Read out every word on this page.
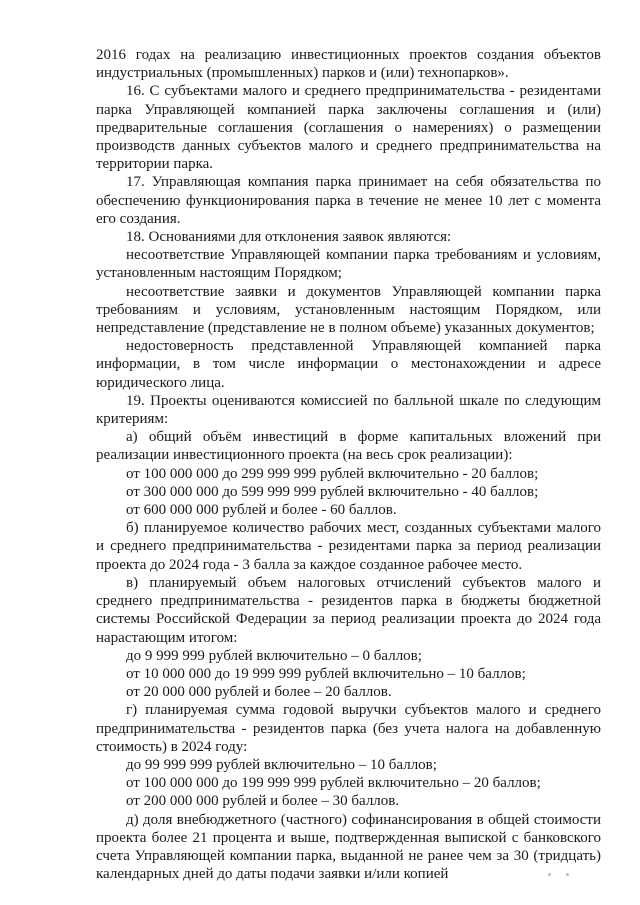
2016 годах на реализацию инвестиционных проектов создания объектов индустриальных (промышленных) парков и (или) технопарков».

16. С субъектами малого и среднего предпринимательства - резидентами парка Управляющей компанией парка заключены соглашения и (или) предварительные соглашения (соглашения о намерениях) о размещении производств данных субъектов малого и среднего предпринимательства на территории парка.

17. Управляющая компания парка принимает на себя обязательства по обеспечению функционирования парка в течение не менее 10 лет с момента его создания.

18. Основаниями для отклонения заявок являются:

несоответствие Управляющей компании парка требованиям и условиям, установленным настоящим Порядком;

несоответствие заявки и документов Управляющей компании парка требованиям и условиям, установленным настоящим Порядком, или непредставление (представление не в полном объеме) указанных документов;

недостоверность представленной Управляющей компанией парка информации, в том числе информации о местонахождении и адресе юридического лица.

19. Проекты оцениваются комиссией по балльной шкале по следующим критериям:

а) общий объём инвестиций в форме капитальных вложений при реализации инвестиционного проекта (на весь срок реализации):

от 100 000 000 до 299 999 999 рублей включительно - 20 баллов;

от 300 000 000 до 599 999 999 рублей включительно - 40 баллов;

от 600 000 000 рублей и более - 60 баллов.

б) планируемое количество рабочих мест, созданных субъектами малого и среднего предпринимательства - резидентами парка за период реализации проекта до 2024 года - 3 балла за каждое созданное рабочее место.

в) планируемый объем налоговых отчислений субъектов малого и среднего предпринимательства - резидентов парка в бюджеты бюджетной системы Российской Федерации за период реализации проекта до 2024 года нарастающим итогом:

до 9 999 999 рублей включительно – 0 баллов;

от 10 000 000 до 19 999 999 рублей включительно – 10 баллов;

от 20 000 000 рублей и более – 20 баллов.

г) планируемая сумма годовой выручки субъектов малого и среднего предпринимательства - резидентов парка (без учета налога на добавленную стоимость) в 2024 году:

до 99 999 999 рублей включительно – 10 баллов;

от 100 000 000 до 199 999 999 рублей включительно – 20 баллов;

от 200 000 000 рублей и более – 30 баллов.

д) доля внебюджетного (частного) софинансирования в общей стоимости проекта более 21 процента и выше, подтвержденная выпиской с банковского счета Управляющей компании парка, выданной не ранее чем за 30 (тридцать) календарных дней до даты подачи заявки и/или копией
